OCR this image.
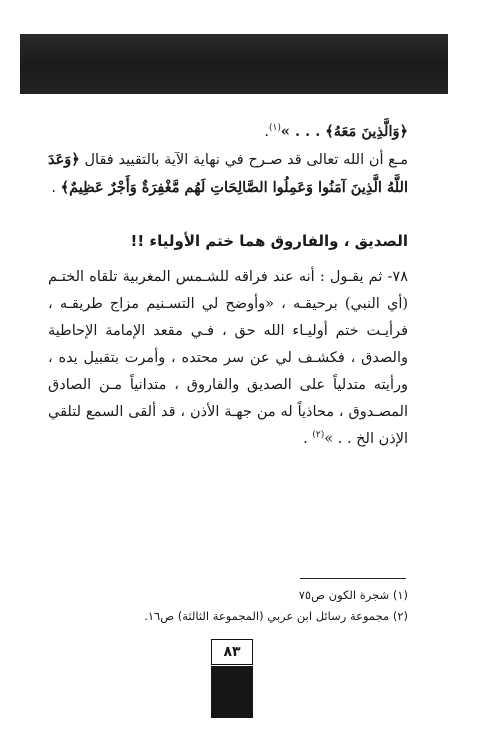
﴿وَالَّذِينَ مَعَهُ﴾ . . . »$^{(١)}$.

مـع أن الله تعالى قد صـرح في نهاية الآية بالتقييد فقال ﴿وَعَدَ اللَّهُ الَّذِينَ آمَنُوا وَعَمِلُوا الصَّالِحَاتِ لَهُم مَّغْفِرَةٌ وَأَجْرٌ عَظِيمٌ﴾ .

الصديق ، والفاروق هما ختم الأولياء !!

٧٨- ثم يقـول : أنه عند فراقه للشـمس المغربية تلقاه الختـم (أي النبي) برحيقـه ، «وأوضح لي التسـنيم مزاج طريقـه ، فرأيـت ختم أوليـاء الله حق ، فـي مقعد الإمامة الإحاطية والصدق ، فكشـف لي عن سر محتده ، وأمرت بتقبيل يده ، ورأيته متدلياً على الصديق والفاروق ، متدانياً مـن الصادق المصـدوق ، محاذياً له من جهـة الأذن ، قد ألقى السمع لتلقي الإذن الخ . . »$^{(٢)}$ .

(١) شجرة الكون ص٧٥
(٢) مجموعة رسائل ابن عربي (المجموعة الثالثة) ص١٦.
٨٣
